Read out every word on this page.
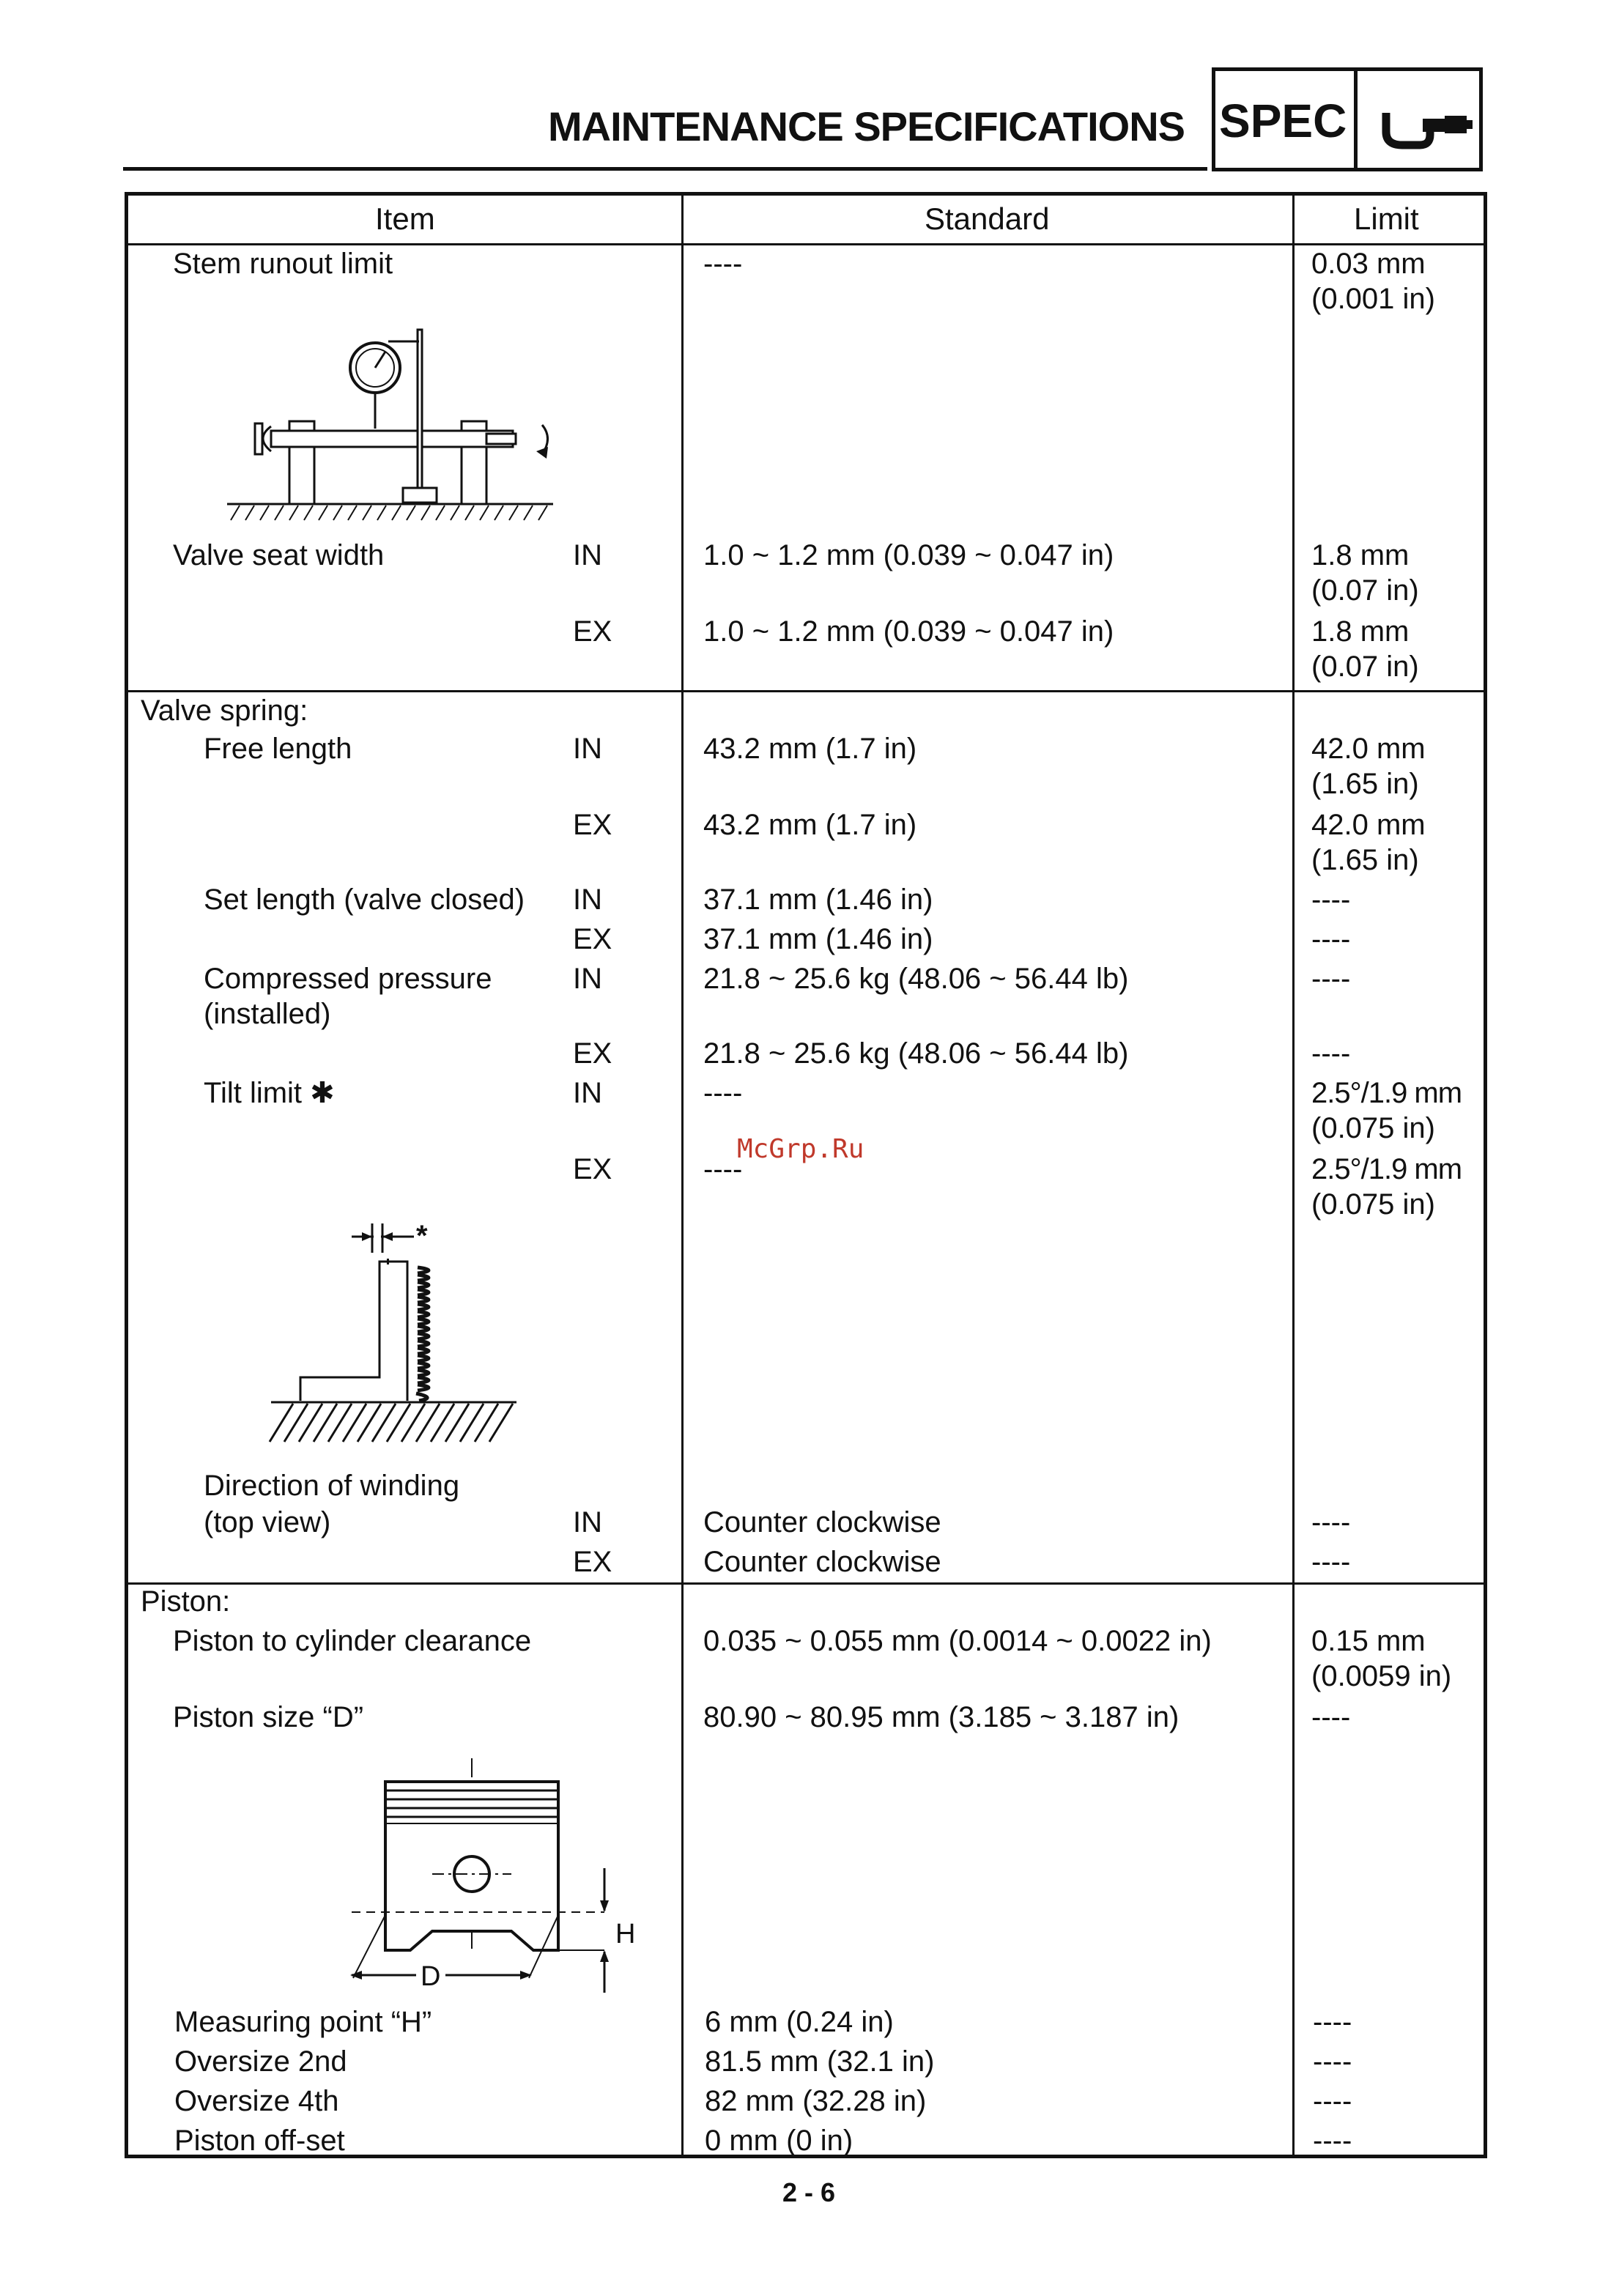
MAINTENANCE SPECIFICATIONS SPEC
Item	Standard	Limit
Stem runout limit	----	0.03 mm
(0.001 in)
Valve seat width	IN	1.0 ~ 1.2 mm (0.039 ~ 0.047 in)	1.8 mm
(0.07 in)
EX	1.0 ~ 1.2 mm (0.039 ~ 0.047 in)	1.8 mm
(0.07 in)
Valve spring:
Free length	IN	43.2 mm (1.7 in)	42.0 mm
(1.65 in)
EX	43.2 mm (1.7 in)	42.0 mm
(1.65 in)
Set length (valve closed) IN	37.1 mm (1.46 in)	----
EX	37.1 mm (1.46 in)	----
Compressed pressure
(installed)
IN	21.8 ~ 25.6 kg (48.06 ~ 56.44 lb)	----
EX	21.8 ~ 25.6 kg (48.06 ~ 56.44 lb)	----
Tilt limit ✱	IN	----	2.5°/1.9 mm
(0.075 in)
EX	----	2.5°/1.9 mm
(0.075 in)
McGrp.Ru
*
Direction of winding
(top view)	IN	Counter clockwise	----
EX	Counter clockwise	----
Piston:
Piston to cylinder clearance	0.035 ~ 0.055 mm (0.0014 ~ 0.0022 in)	0.15 mm
(0.0059 in)
Piston size “D”	80.90 ~ 80.95 mm (3.185 ~ 3.187 in)	----
H
D
Measuring point “H”	6 mm (0.24 in)	----
Oversize 2nd	81.5 mm (32.1 in)	----
Oversize 4th	82 mm (32.28 in)	----
Piston off-set	0 mm (0 in)	----
2 - 6
